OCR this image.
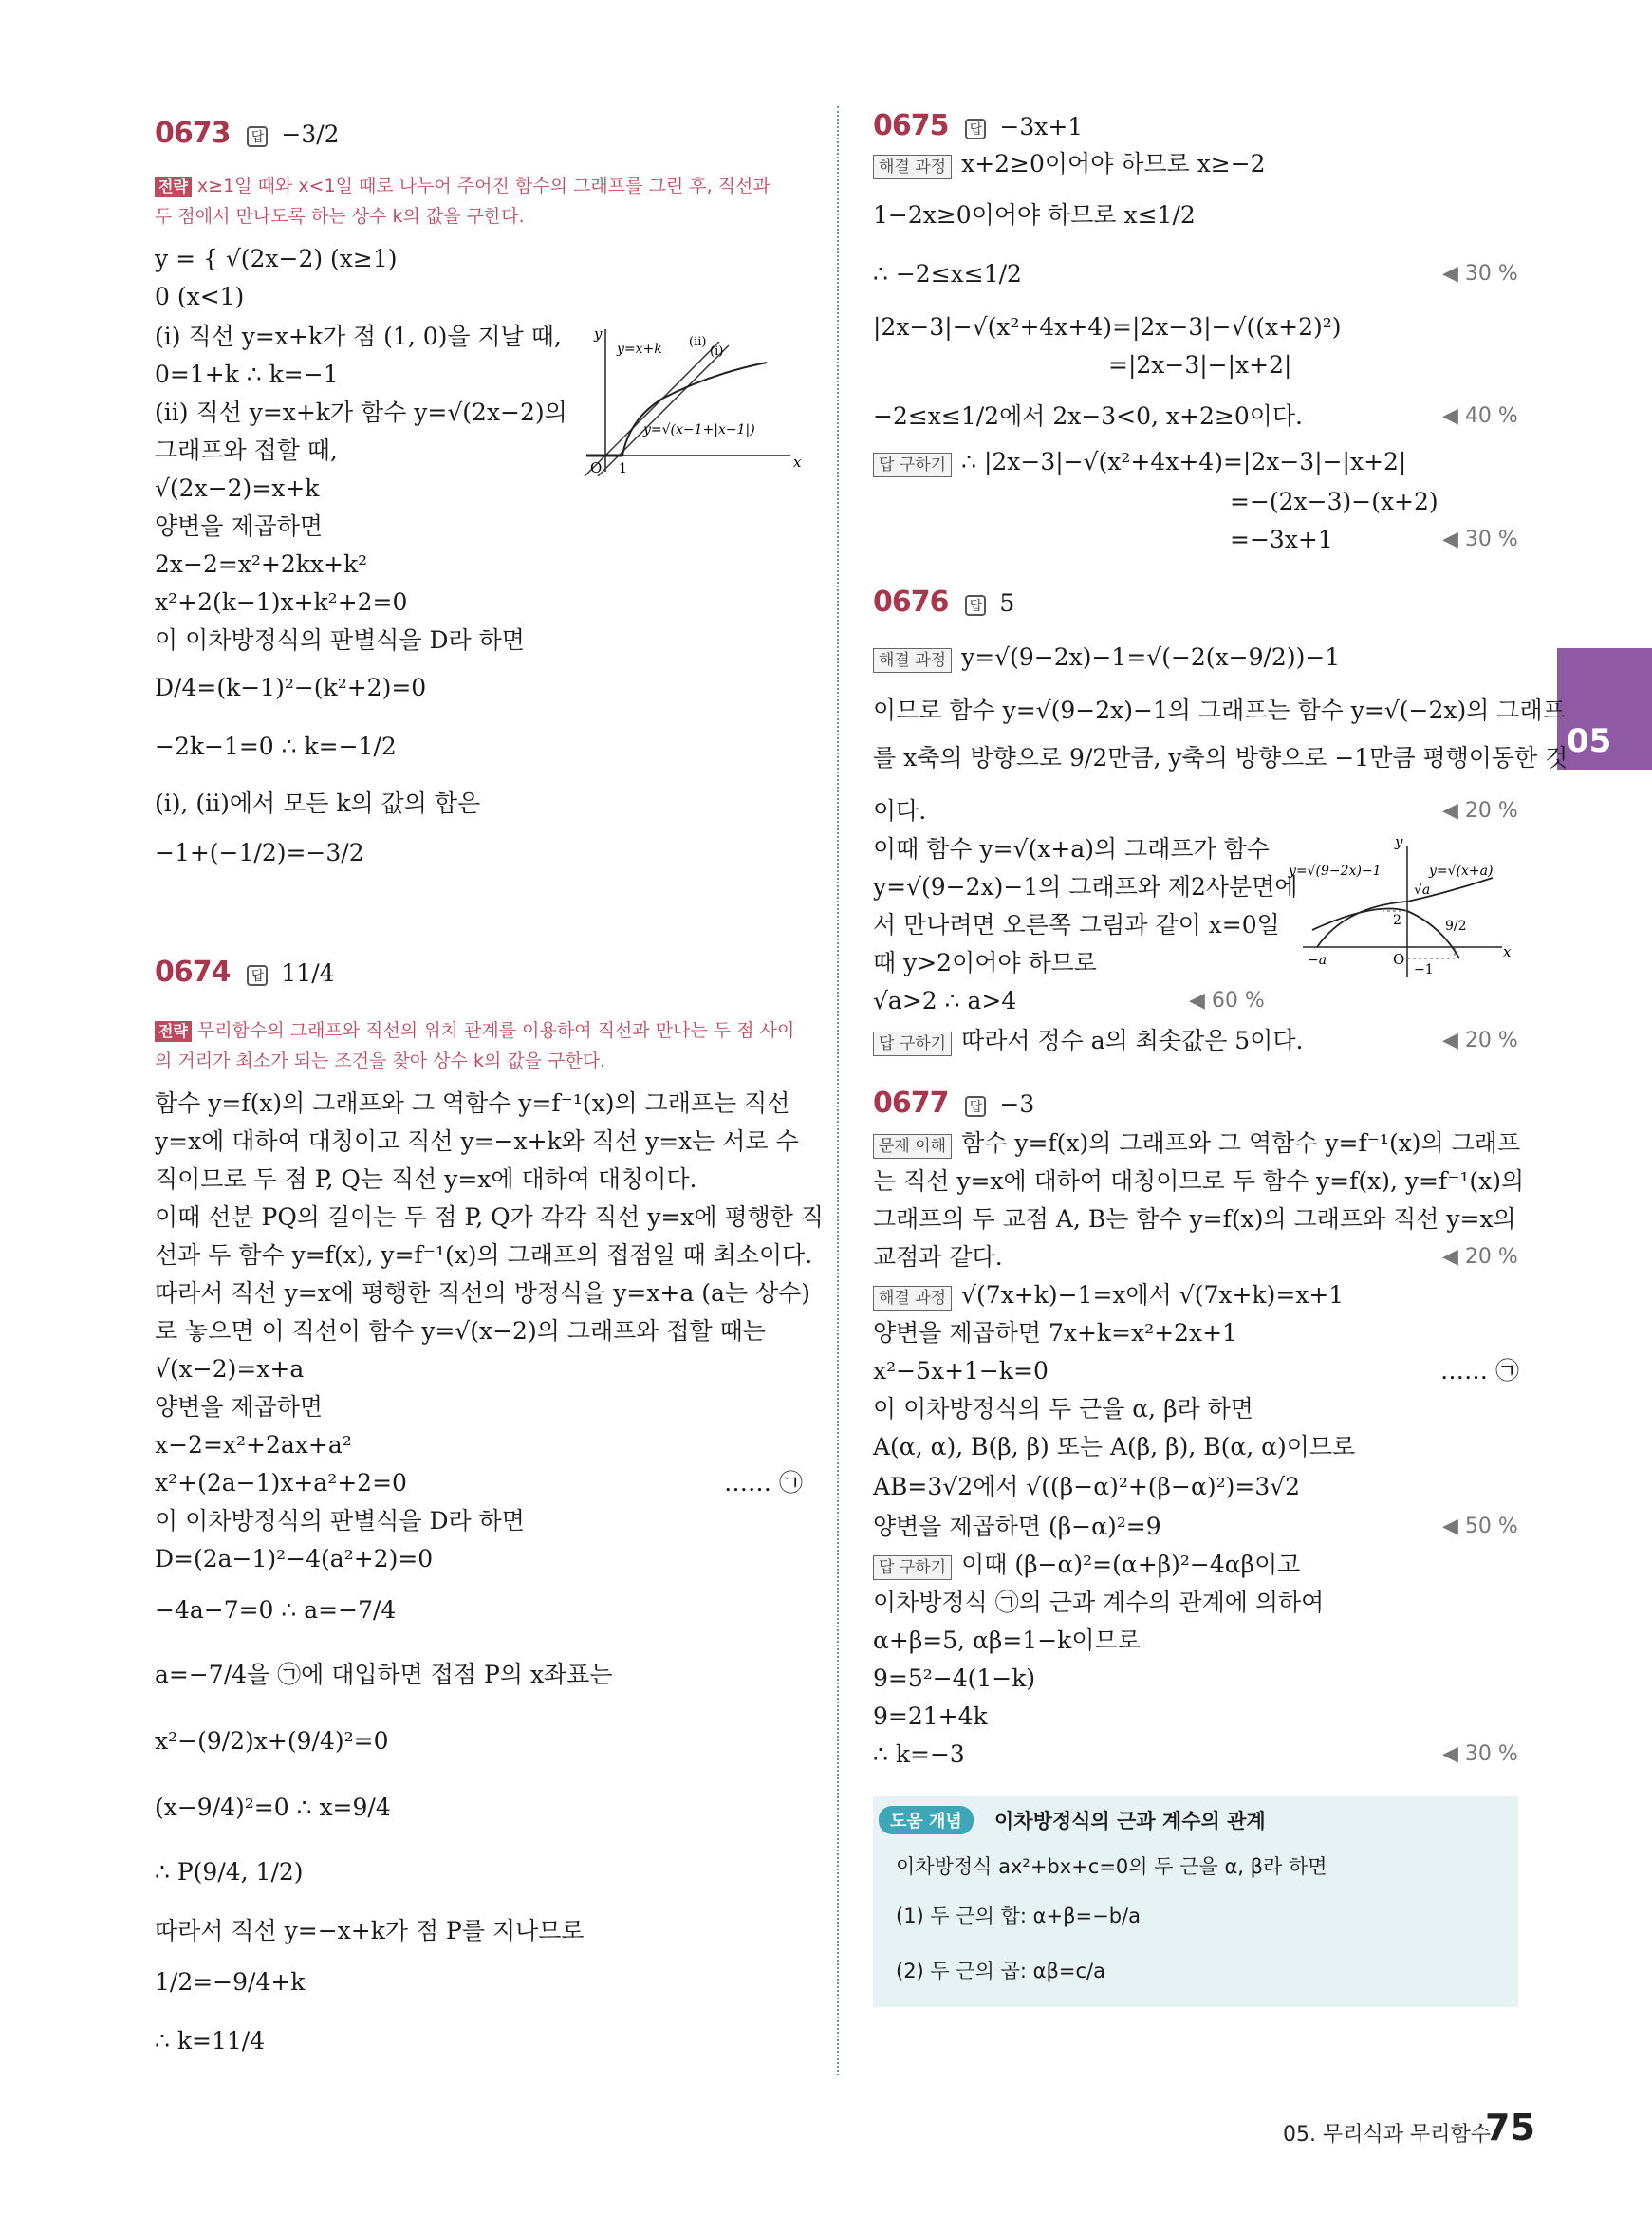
05
0673 답 −3/2
전략 x≥1일 때와 x<1일 때로 나누어 주어진 함수의 그래프를 그린 후, 직선과
두 점에서 만나도록 하는 상수 k의 값을 구한다.
y = { √(2x−2) (x≥1)
0 (x<1)
(i) 직선 y=x+k가 점 (1, 0)을 지날 때,
0=1+k ∴ k=−1
(ii) 직선 y=x+k가 함수 y=√(2x−2)의
그래프와 접할 때,
√(2x−2)=x+k
양변을 제곱하면
2x−2=x²+2kx+k²
x²+2(k−1)x+k²+2=0
이 이차방정식의 판별식을 D라 하면
D/4=(k−1)²−(k²+2)=0
−2k−1=0 ∴ k=−1/2
(i), (ii)에서 모든 k의 값의 합은
−1+(−1/2)=−3/2
y
x
O 1
y=x+k (ii)
(i)
y=√(x−1+|x−1|)
0674 답 11/4
전략 무리함수의 그래프와 직선의 위치 관계를 이용하여 직선과 만나는 두 점 사이
의 거리가 최소가 되는 조건을 찾아 상수 k의 값을 구한다.
함수 y=f(x)의 그래프와 그 역함수 y=f⁻¹(x)의 그래프는 직선
y=x에 대하여 대칭이고 직선 y=−x+k와 직선 y=x는 서로 수
직이므로 두 점 P, Q는 직선 y=x에 대하여 대칭이다.
이때 선분 PQ의 길이는 두 점 P, Q가 각각 직선 y=x에 평행한 직
선과 두 함수 y=f(x), y=f⁻¹(x)의 그래프의 접점일 때 최소이다.
따라서 직선 y=x에 평행한 직선의 방정식을 y=x+a (a는 상수)
로 놓으면 이 직선이 함수 y=√(x−2)의 그래프와 접할 때는
√(x−2)=x+a
양변을 제곱하면
x−2=x²+2ax+a²
x²+(2a−1)x+a²+2=0	…… ㉠
이 이차방정식의 판별식을 D라 하면
D=(2a−1)²−4(a²+2)=0
−4a−7=0 ∴ a=−7/4
a=−7/4을 ㉠에 대입하면 접점 P의 x좌표는
x²−(9/2)x+(9/4)²=0
(x−9/4)²=0 ∴ x=9/4
∴ P(9/4, 1/2)
따라서 직선 y=−x+k가 점 P를 지나므로
1/2=−9/4+k
∴ k=11/4
0675 답 −3x+1
해결 과정 x+2≥0이어야 하므로 x≥−2
1−2x≥0이어야 하므로 x≤1/2
∴ −2≤x≤1/2	◀ 30 %
|2x−3|−√(x²+4x+4)=|2x−3|−√((x+2)²)
=|2x−3|−|x+2|
−2≤x≤1/2에서 2x−3<0, x+2≥0이다.	◀ 40 %
답 구하기 ∴ |2x−3|−√(x²+4x+4)=|2x−3|−|x+2|
=−(2x−3)−(x+2)
=−3x+1	◀ 30 %
0676 답 5
해결 과정 y=√(9−2x)−1=√(−2(x−9/2))−1
이므로 함수 y=√(9−2x)−1의 그래프는 함수 y=√(−2x)의 그래프
를 x축의 방향으로 9/2만큼, y축의 방향으로 −1만큼 평행이동한 것
이다.	◀ 20 %
이때 함수 y=√(x+a)의 그래프가 함수
y=√(9−2x)−1의 그래프와 제2사분면에
서 만나려면 오른쪽 그림과 같이 x=0일
때 y>2이어야 하므로
√a>2 ∴ a>4	◀ 60 %
답 구하기 따라서 정수 a의 최솟값은 5이다.	◀ 20 %
y
x
O
y=√(9−2x)−1	y=√(x+a)
√a
2	9/2
−a
−1
0677 답 −3
문제 이해 함수 y=f(x)의 그래프와 그 역함수 y=f⁻¹(x)의 그래프
는 직선 y=x에 대하여 대칭이므로 두 함수 y=f(x), y=f⁻¹(x)의
그래프의 두 교점 A, B는 함수 y=f(x)의 그래프와 직선 y=x의
교점과 같다.	◀ 20 %
해결 과정 √(7x+k)−1=x에서 √(7x+k)=x+1
양변을 제곱하면 7x+k=x²+2x+1
x²−5x+1−k=0	…… ㉠
이 이차방정식의 두 근을 α, β라 하면
A(α, α), B(β, β) 또는 A(β, β), B(α, α)이므로
AB=3√2에서 √((β−α)²+(β−α)²)=3√2
양변을 제곱하면 (β−α)²=9	◀ 50 %
답 구하기 이때 (β−α)²=(α+β)²−4αβ이고
이차방정식 ㉠의 근과 계수의 관계에 의하여
α+β=5, αβ=1−k이므로
9=5²−4(1−k)
9=21+4k
∴ k=−3	◀ 30 %
도움 개념	이차방정식의 근과 계수의 관계
이차방정식 ax²+bx+c=0의 두 근을 α, β라 하면
(1) 두 근의 합: α+β=−b/a
(2) 두 근의 곱: αβ=c/a
05. 무리식과 무리함수
75
